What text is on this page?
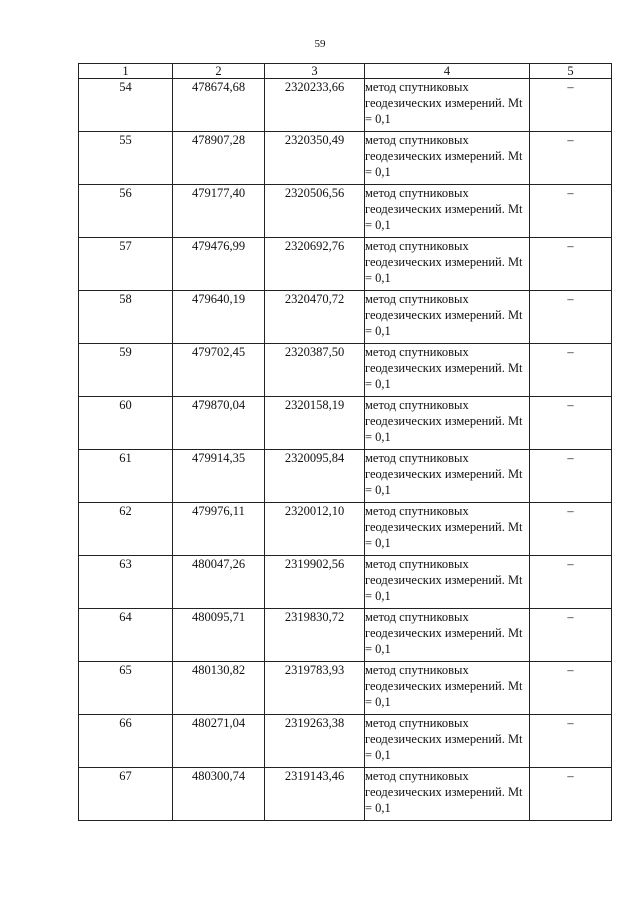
59
1	2	3	4	5
54	478674,68	2320233,66	метод спутниковых геодезических измерений. Mt = 0,1	–
55	478907,28	2320350,49	метод спутниковых геодезических измерений. Mt = 0,1	–
56	479177,40	2320506,56	метод спутниковых геодезических измерений. Mt = 0,1	–
57	479476,99	2320692,76	метод спутниковых геодезических измерений. Mt = 0,1	–
58	479640,19	2320470,72	метод спутниковых геодезических измерений. Mt = 0,1	–
59	479702,45	2320387,50	метод спутниковых геодезических измерений. Mt = 0,1	–
60	479870,04	2320158,19	метод спутниковых геодезических измерений. Mt = 0,1	–
61	479914,35	2320095,84	метод спутниковых геодезических измерений. Mt = 0,1	–
62	479976,11	2320012,10	метод спутниковых геодезических измерений. Mt = 0,1	–
63	480047,26	2319902,56	метод спутниковых геодезических измерений. Mt = 0,1	–
64	480095,71	2319830,72	метод спутниковых геодезических измерений. Mt = 0,1	–
65	480130,82	2319783,93	метод спутниковых геодезических измерений. Mt = 0,1	–
66	480271,04	2319263,38	метод спутниковых геодезических измерений. Mt = 0,1	–
67	480300,74	2319143,46	метод спутниковых геодезических измерений. Mt = 0,1	–
